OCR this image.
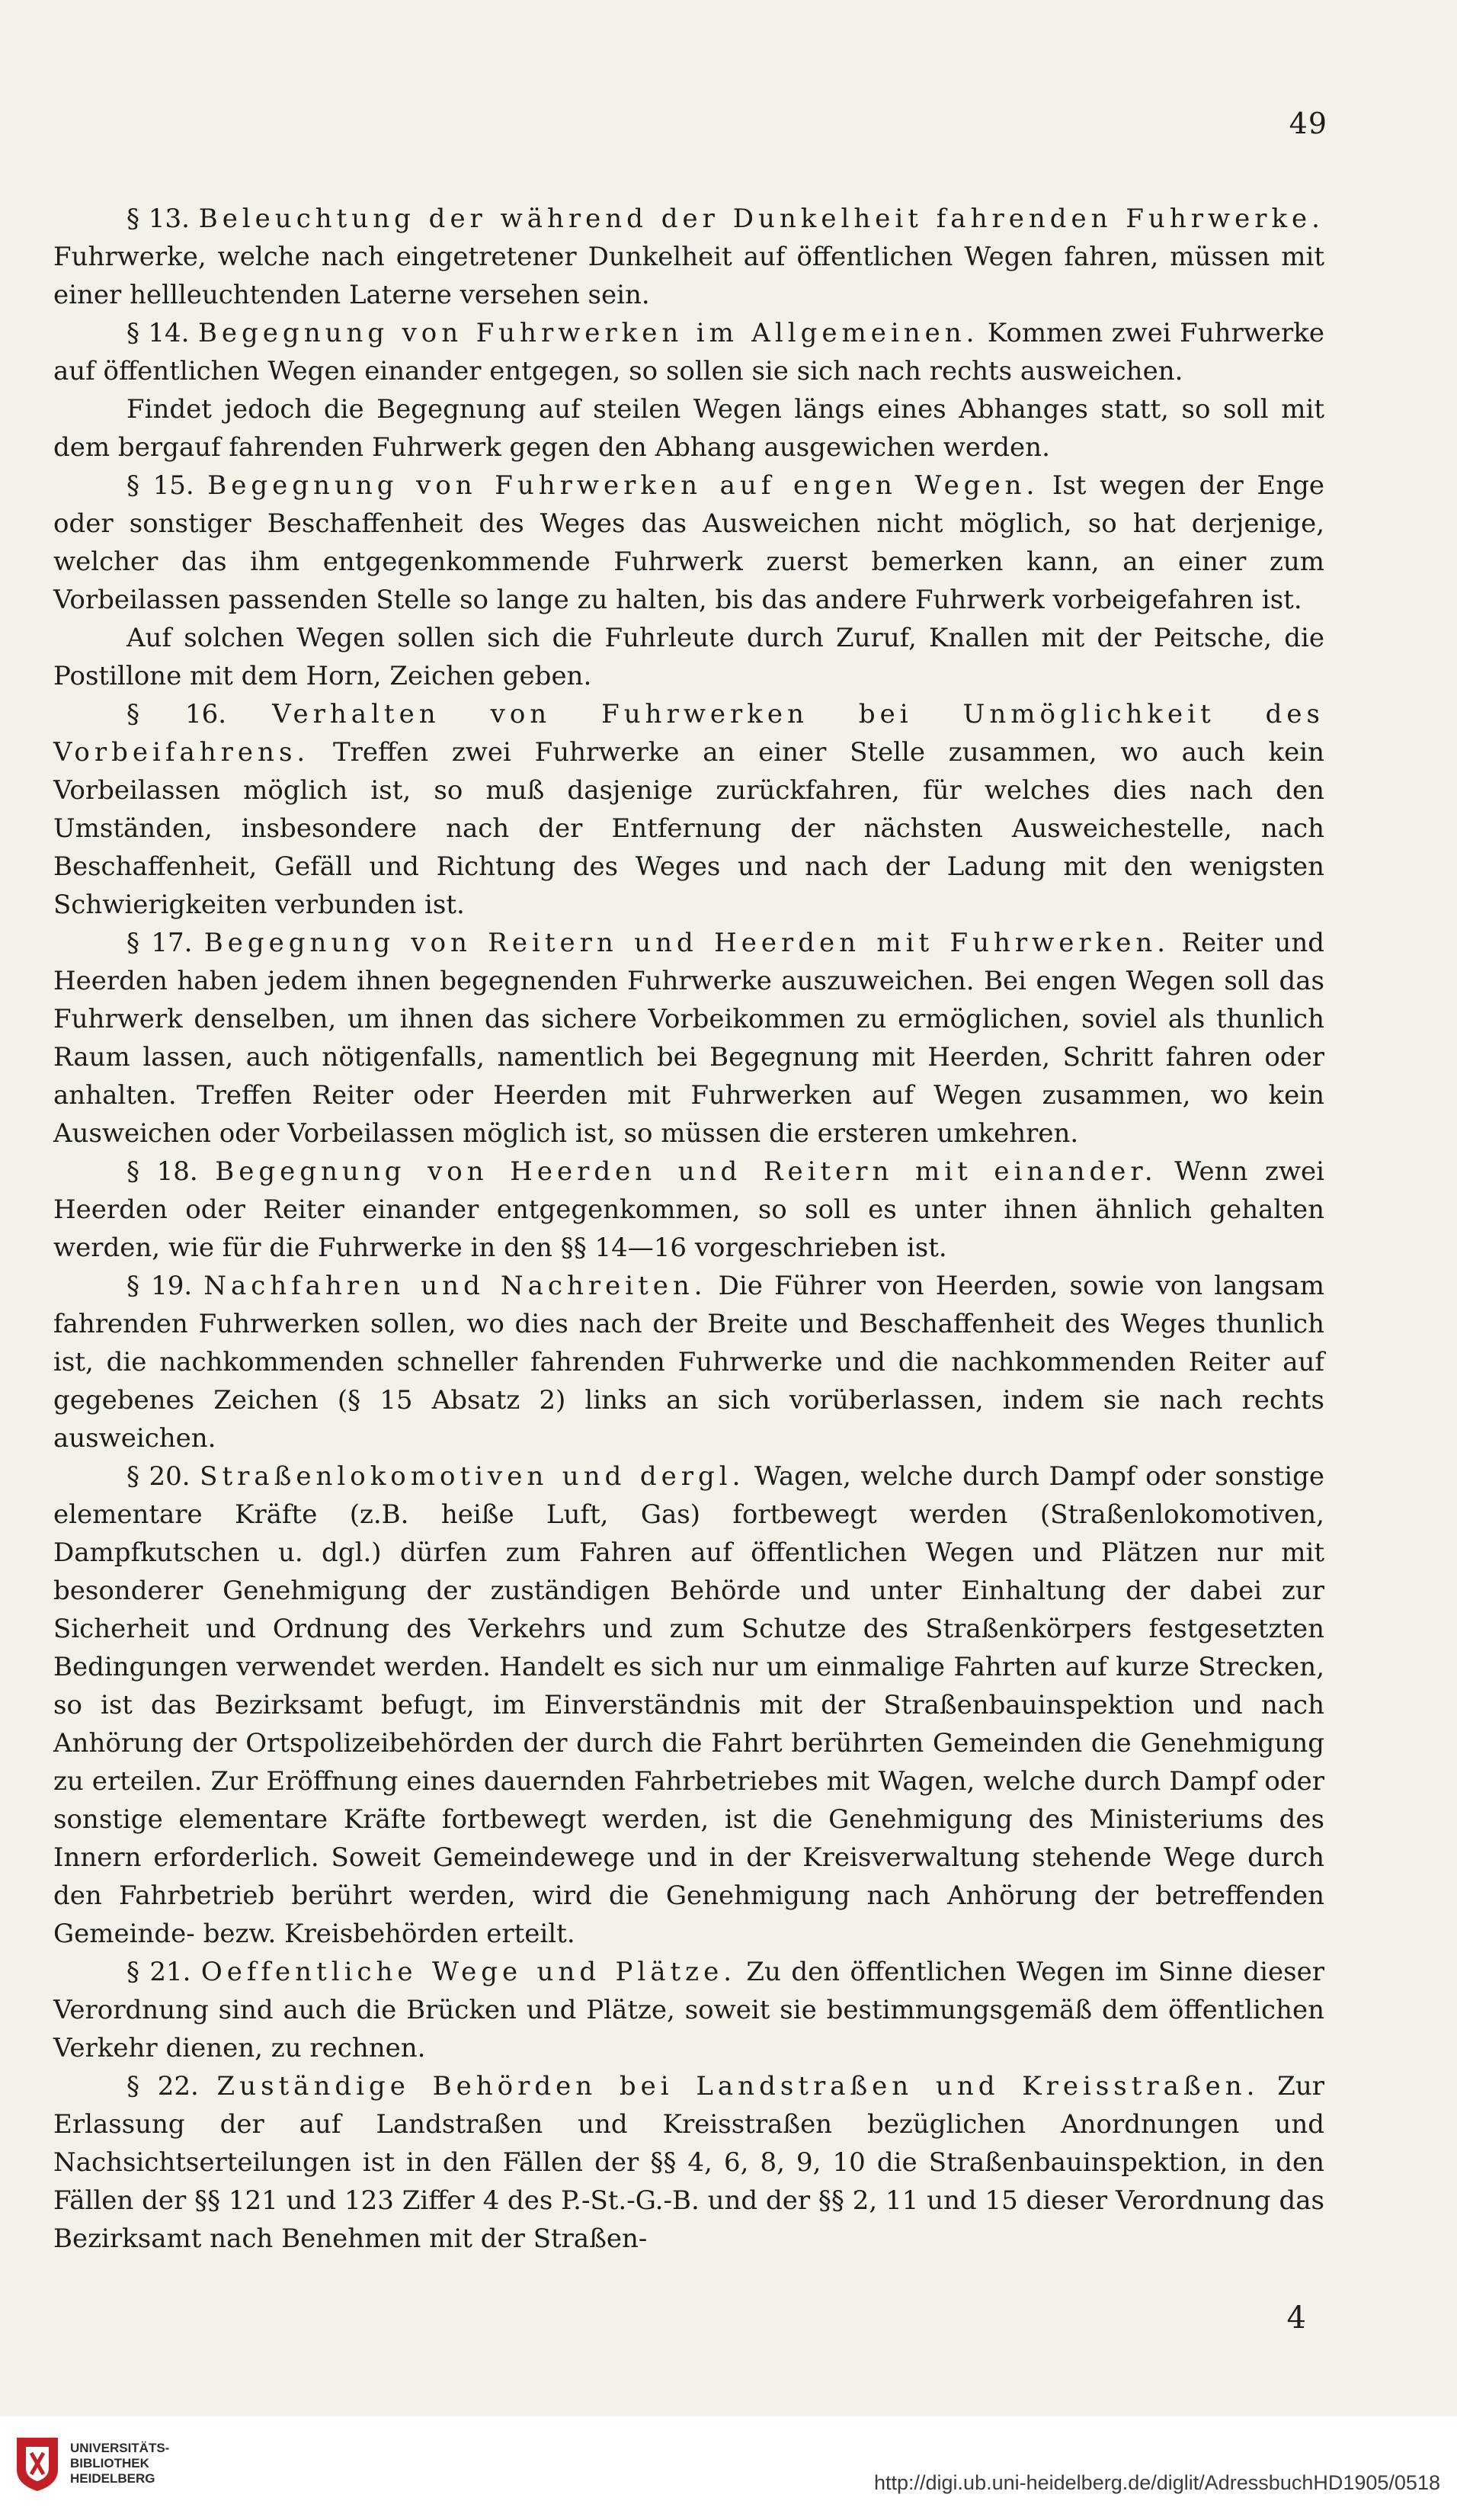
49

§ 13. Beleuchtung der während der Dunkelheit fahrenden Fuhrwerke. Fuhrwerke, welche nach eingetretener Dunkelheit auf öffentlichen Wegen fahren, müssen mit einer hellleuchtenden Laterne versehen sein.

§ 14. Begegnung von Fuhrwerken im Allgemeinen. Kommen zwei Fuhrwerke auf öffentlichen Wegen einander entgegen, so sollen sie sich nach rechts ausweichen.

Findet jedoch die Begegnung auf steilen Wegen längs eines Abhanges statt, so soll mit dem bergauf fahrenden Fuhrwerk gegen den Abhang ausgewichen werden.

§ 15. Begegnung von Fuhrwerken auf engen Wegen. Ist wegen der Enge oder sonstiger Beschaffenheit des Weges das Ausweichen nicht möglich, so hat derjenige, welcher das ihm entgegenkommende Fuhrwerk zuerst bemerken kann, an einer zum Vorbeilassen passenden Stelle so lange zu halten, bis das andere Fuhrwerk vorbeigefahren ist.

Auf solchen Wegen sollen sich die Fuhrleute durch Zuruf, Knallen mit der Peitsche, die Postillone mit dem Horn, Zeichen geben.

§ 16. Verhalten von Fuhrwerken bei Unmöglichkeit des Vorbeifahrens. Treffen zwei Fuhrwerke an einer Stelle zusammen, wo auch kein Vorbeilassen möglich ist, so muß dasjenige zurückfahren, für welches dies nach den Umständen, insbesondere nach der Entfernung der nächsten Ausweichestelle, nach Beschaffenheit, Gefäll und Richtung des Weges und nach der Ladung mit den wenigsten Schwierigkeiten verbunden ist.

§ 17. Begegnung von Reitern und Heerden mit Fuhrwerken. Reiter und Heerden haben jedem ihnen begegnenden Fuhrwerke auszuweichen. Bei engen Wegen soll das Fuhrwerk denselben, um ihnen das sichere Vorbeikommen zu ermöglichen, soviel als thunlich Raum lassen, auch nötigenfalls, namentlich bei Begegnung mit Heerden, Schritt fahren oder anhalten. Treffen Reiter oder Heerden mit Fuhrwerken auf Wegen zusammen, wo kein Ausweichen oder Vorbeilassen möglich ist, so müssen die ersteren umkehren.

§ 18. Begegnung von Heerden und Reitern mit einander. Wenn zwei Heerden oder Reiter einander entgegenkommen, so soll es unter ihnen ähnlich gehalten werden, wie für die Fuhrwerke in den §§ 14—16 vorgeschrieben ist.

§ 19. Nachfahren und Nachreiten. Die Führer von Heerden, sowie von langsam fahrenden Fuhrwerken sollen, wo dies nach der Breite und Beschaffenheit des Weges thunlich ist, die nachkommenden schneller fahrenden Fuhrwerke und die nachkommenden Reiter auf gegebenes Zeichen (§ 15 Absatz 2) links an sich vorüberlassen, indem sie nach rechts ausweichen.

§ 20. Straßenlokomotiven und dergl. Wagen, welche durch Dampf oder sonstige elementare Kräfte (z.B. heiße Luft, Gas) fortbewegt werden (Straßenlokomotiven, Dampfkutschen u. dgl.) dürfen zum Fahren auf öffentlichen Wegen und Plätzen nur mit besonderer Genehmigung der zuständigen Behörde und unter Einhaltung der dabei zur Sicherheit und Ordnung des Verkehrs und zum Schutze des Straßenkörpers festgesetzten Bedingungen verwendet werden. Handelt es sich nur um einmalige Fahrten auf kurze Strecken, so ist das Bezirksamt befugt, im Einverständnis mit der Straßenbauinspektion und nach Anhörung der Ortspolizeibehörden der durch die Fahrt berührten Gemeinden die Genehmigung zu erteilen. Zur Eröffnung eines dauernden Fahrbetriebes mit Wagen, welche durch Dampf oder sonstige elementare Kräfte fortbewegt werden, ist die Genehmigung des Ministeriums des Innern erforderlich. Soweit Gemeindewege und in der Kreisverwaltung stehende Wege durch den Fahrbetrieb berührt werden, wird die Genehmigung nach Anhörung der betreffenden Gemeinde- bezw. Kreisbehörden erteilt.

§ 21. Oeffentliche Wege und Plätze. Zu den öffentlichen Wegen im Sinne dieser Verordnung sind auch die Brücken und Plätze, soweit sie bestimmungsgemäß dem öffentlichen Verkehr dienen, zu rechnen.

§ 22. Zuständige Behörden bei Landstraßen und Kreisstraßen. Zur Erlassung der auf Landstraßen und Kreisstraßen bezüglichen Anordnungen und Nachsichtserteilungen ist in den Fällen der §§ 4, 6, 8, 9, 10 die Straßenbauinspektion, in den Fällen der §§ 121 und 123 Ziffer 4 des P.-St.-G.-B. und der §§ 2, 11 und 15 dieser Verordnung das Bezirksamt nach Benehmen mit der Straßen-

4
UNIVERSITÄTS-
BIBLIOTHEK
HEIDELBERG	http://digi.ub.uni-heidelberg.de/diglit/AdressbuchHD1905/0518
